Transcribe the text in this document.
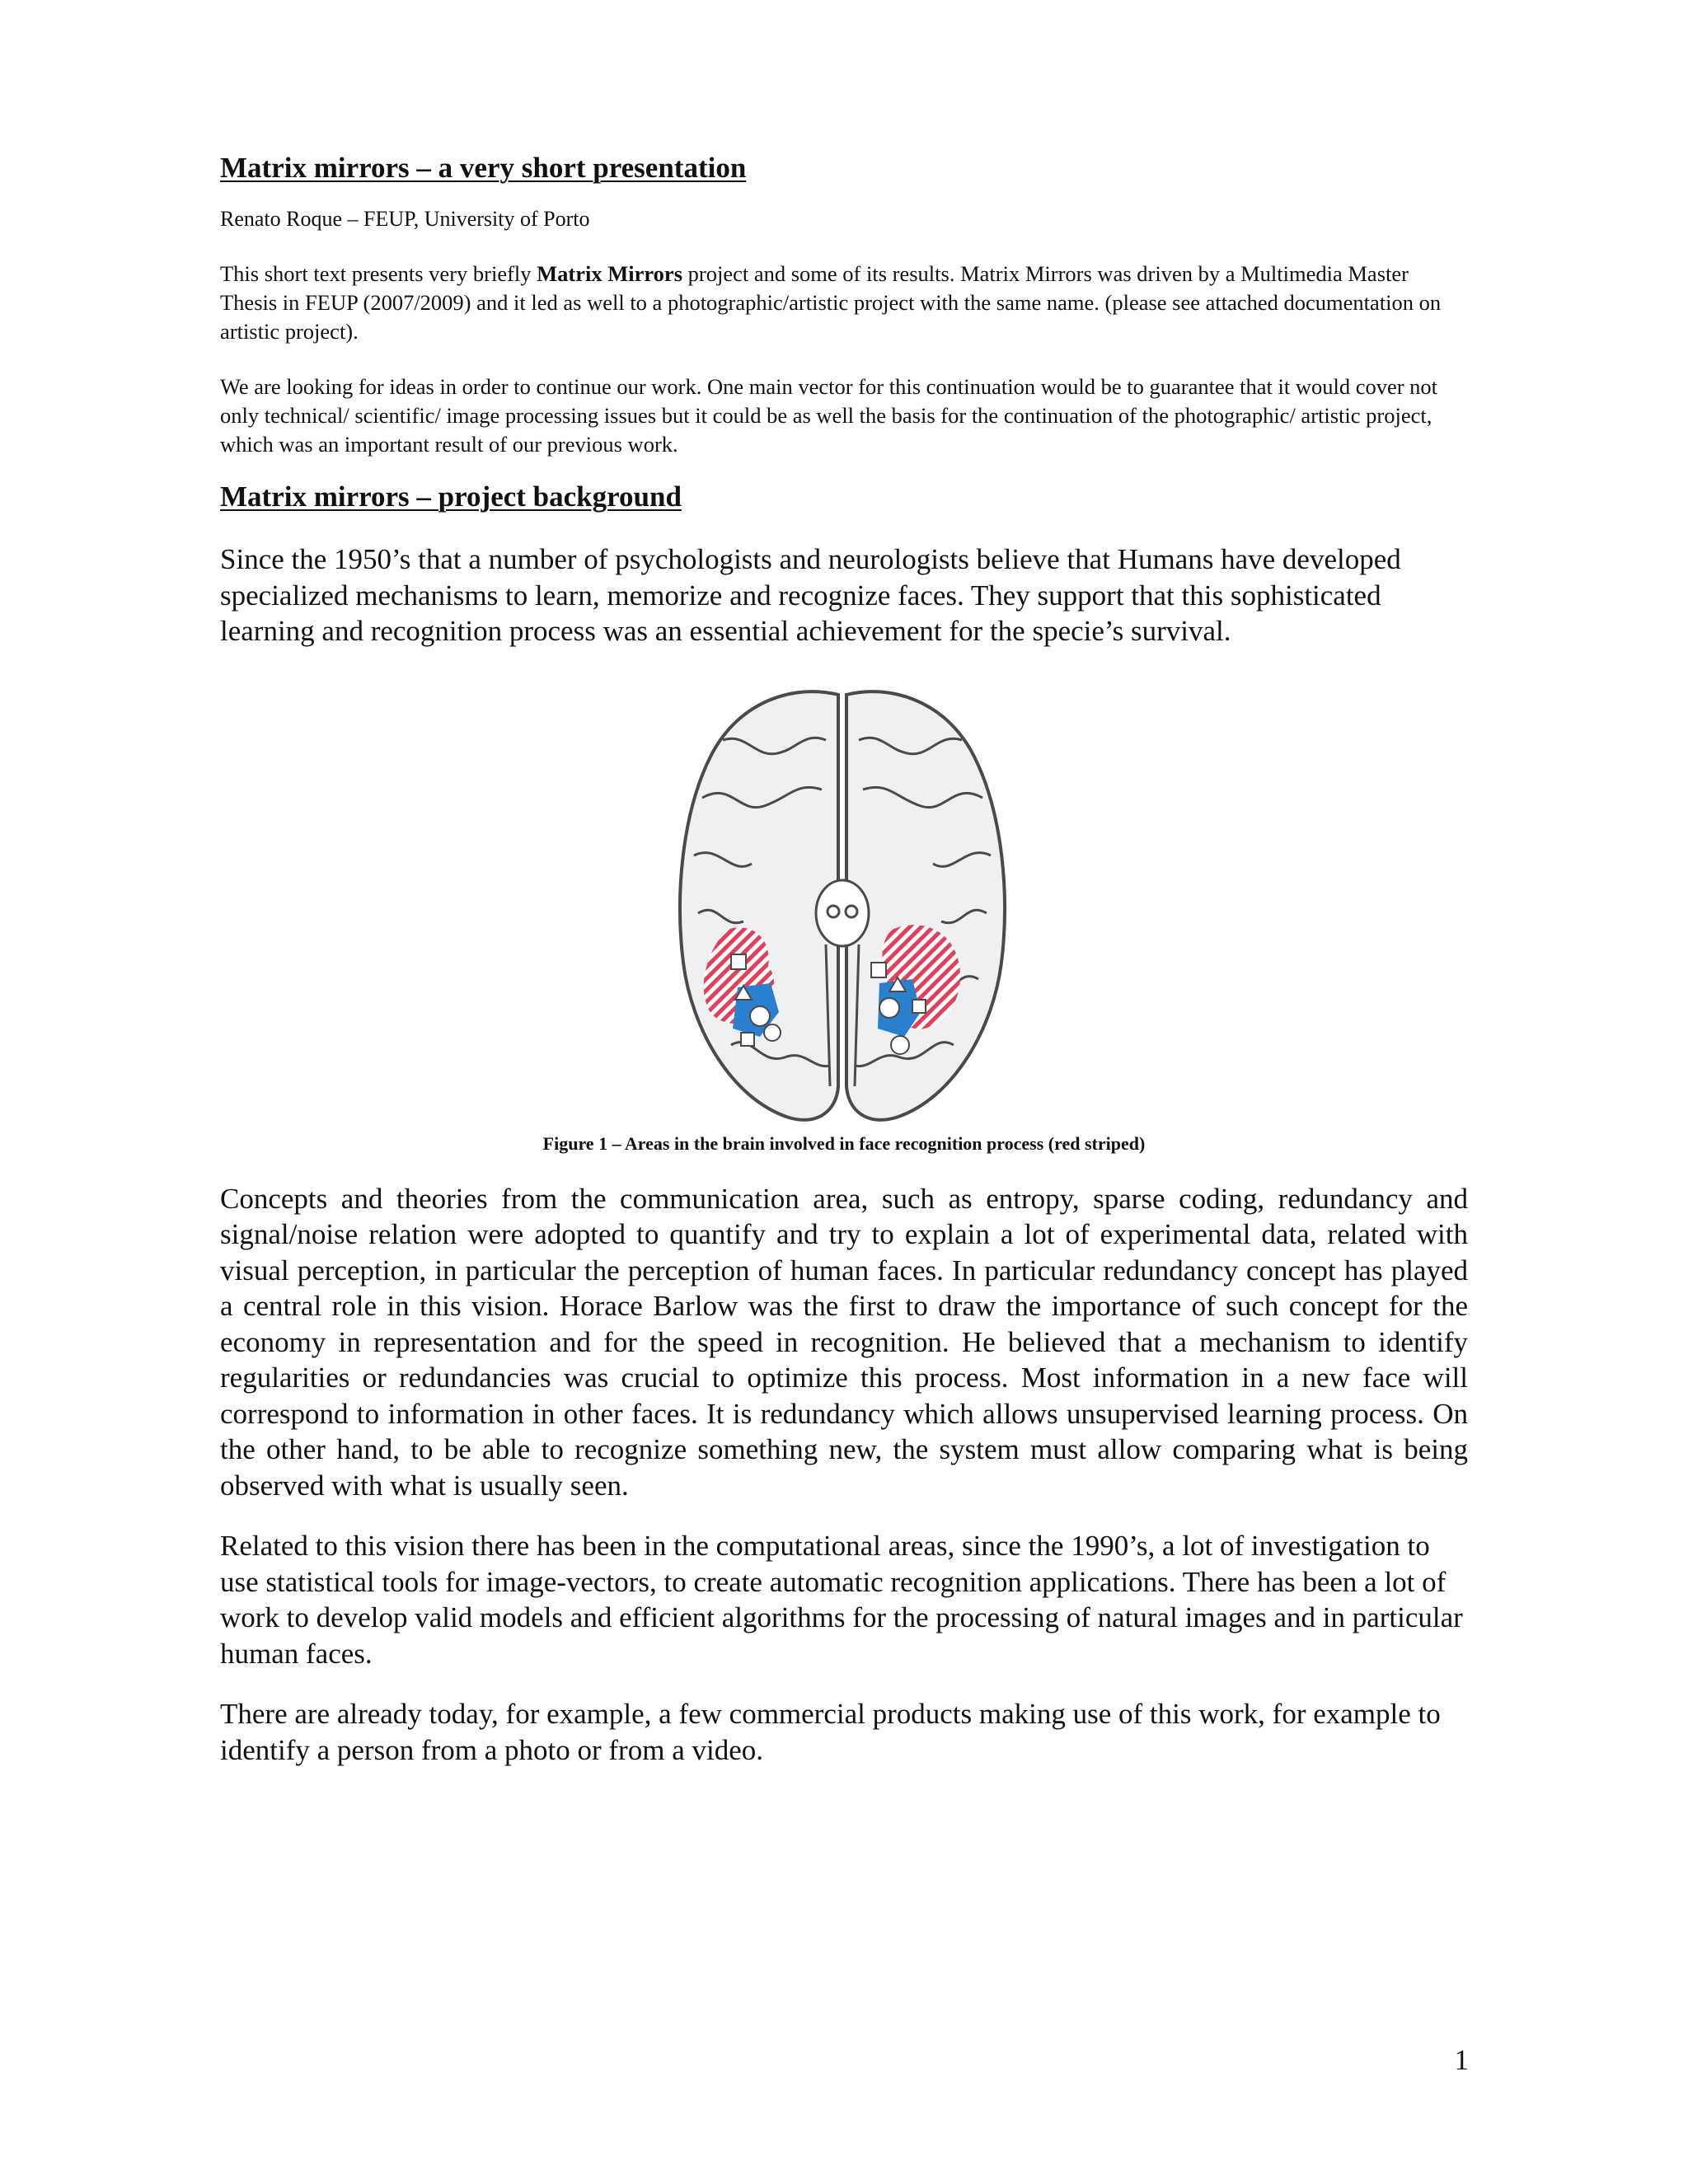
Matrix mirrors – a very short presentation

Renato Roque – FEUP, University of Porto

This short text presents very briefly Matrix Mirrors project and some of its results. Matrix Mirrors was driven by a Multimedia Master Thesis in FEUP (2007/2009) and it led as well to a photographic/artistic project with the same name. (please see attached documentation on artistic project).

We are looking for ideas in order to continue our work. One main vector for this continuation would be to guarantee that it would cover not only technical/ scientific/ image processing issues but it could be as well the basis for the continuation of the photographic/ artistic project, which was an important result of our previous work.

Matrix mirrors – project background

Since the 1950’s that a number of psychologists and neurologists believe that Humans have developed specialized mechanisms to learn, memorize and recognize faces. They support that this sophisticated learning and recognition process was an essential achievement for the specie’s survival.

Figure 1 – Areas in the brain involved in face recognition process (red striped)

Concepts and theories from the communication area, such as entropy, sparse coding, redundancy and signal/noise relation were adopted to quantify and try to explain a lot of experimental data, related with visual perception, in particular the perception of human faces. In particular redundancy concept has played a central role in this vision. Horace Barlow was the first to draw the importance of such concept for the economy in representation and for the speed in recognition. He believed that a mechanism to identify regularities or redundancies was crucial to optimize this process. Most information in a new face will correspond to information in other faces. It is redundancy which allows unsupervised learning process. On the other hand, to be able to recognize something new, the system must allow comparing what is being observed with what is usually seen.

Related to this vision there has been in the computational areas, since the 1990’s, a lot of investigation to use statistical tools for image-vectors, to create automatic recognition applications. There has been a lot of work to develop valid models and efficient algorithms for the processing of natural images and in particular human faces.

There are already today, for example, a few commercial products making use of this work, for example to identify a person from a photo or from a video.

1
